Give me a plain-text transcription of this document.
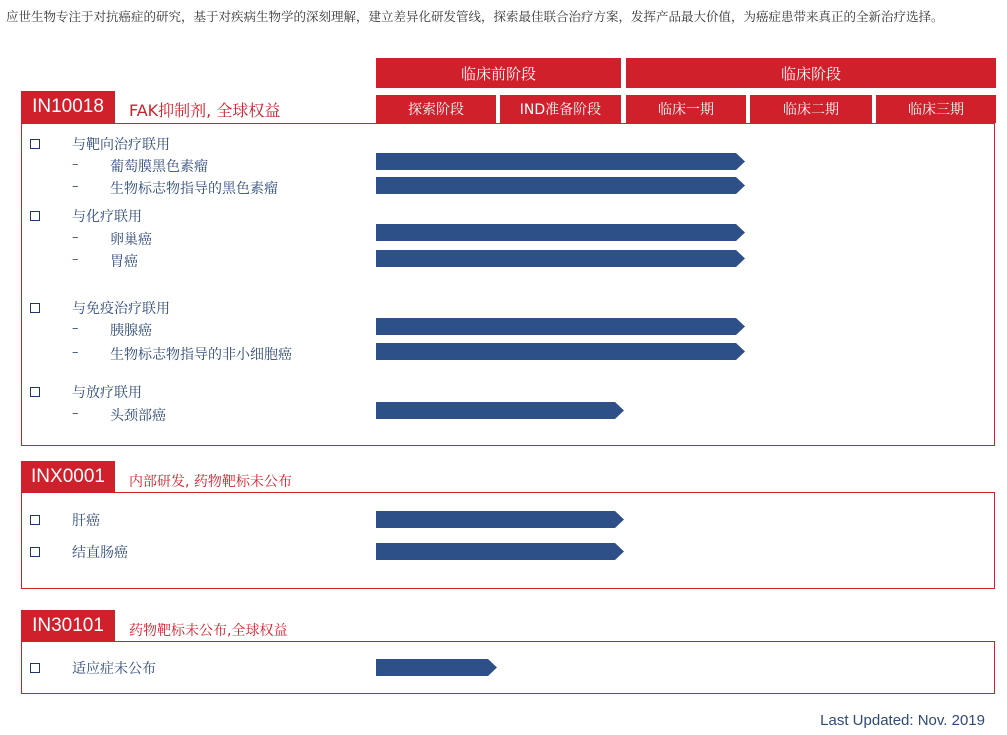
应世生物专注于对抗癌症的研究，基于对疾病生物学的深刻理解，建立差异化研发管线，探索最佳联合治疗方案，发挥产品最大价值，为癌症患带来真正的全新治疗选择。
临床前阶段	临床阶段
探索阶段	IND准备阶段	临床一期	临床二期	临床三期
IN10018	FAK抑制剂, 全球权益
与靶向治疗联用
– 葡萄膜黑色素瘤
– 生物标志物指导的黑色素瘤
与化疗联用
– 卵巢癌
– 胃癌
与免疫治疗联用
– 胰腺癌
– 生物标志物指导的非小细胞癌
与放疗联用
– 头颈部癌
INX0001	内部研发, 药物靶标未公布
肝癌
结直肠癌
IN30101	药物靶标未公布,全球权益
适应症未公布
Last Updated: Nov. 2019
